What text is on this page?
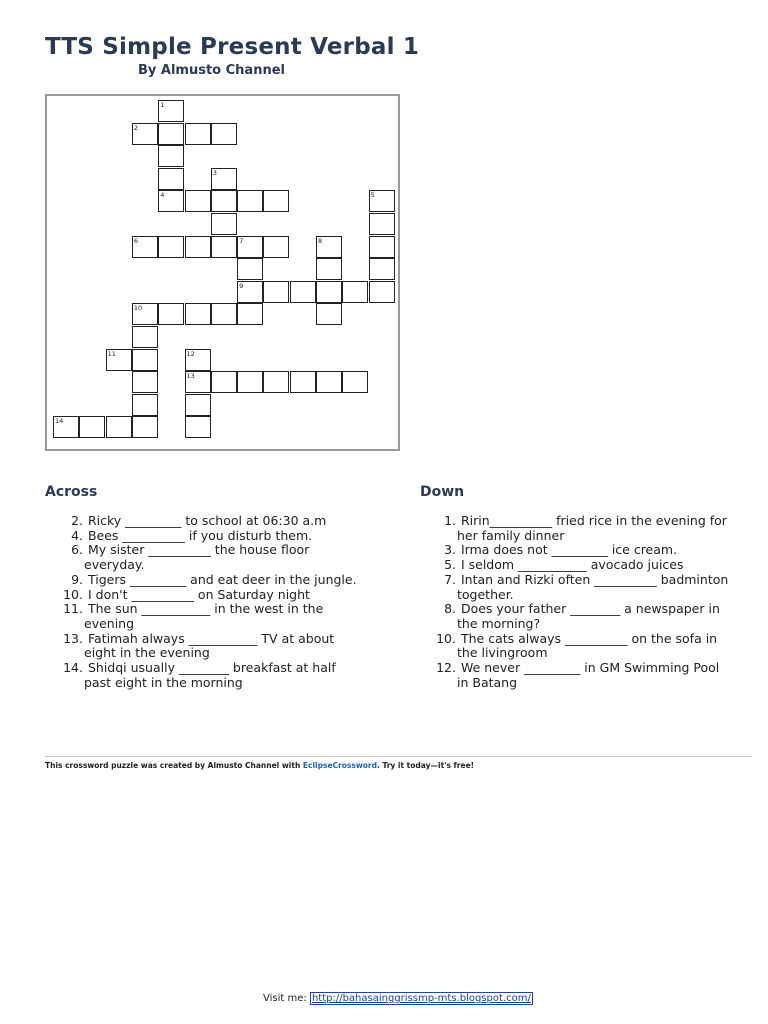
TTS Simple Present Verbal 1
By Almusto Channel
1
2
3
4	5
6	7	8
9
10
11	12
13
14
Across
2. Ricky _________ to school at 06:30 a.m
4. Bees __________ if you disturb them.
6. My sister __________ the house floor everyday.
9. Tigers _________ and eat deer in the jungle.
10. I don't __________ on Saturday night
11. The sun ___________ in the west in the evening
13. Fatimah always ___________ TV at about eight in the evening
14. Shidqi usually ________ breakfast at half past eight in the morning
Down
1. Ririn__________ fried rice in the evening for her family dinner
3. Irma does not _________ ice cream.
5. I seldom ___________ avocado juices
7. Intan and Rizki often __________ badminton together.
8. Does your father ________ a newspaper in the morning?
10. The cats always __________ on the sofa in the livingroom
12. We never _________ in GM Swimming Pool in Batang
This crossword puzzle was created by Almusto Channel with EclipseCrossword. Try it today—it's free!
Visit me: http://bahasainggrissmp-mts.blogspot.com/
